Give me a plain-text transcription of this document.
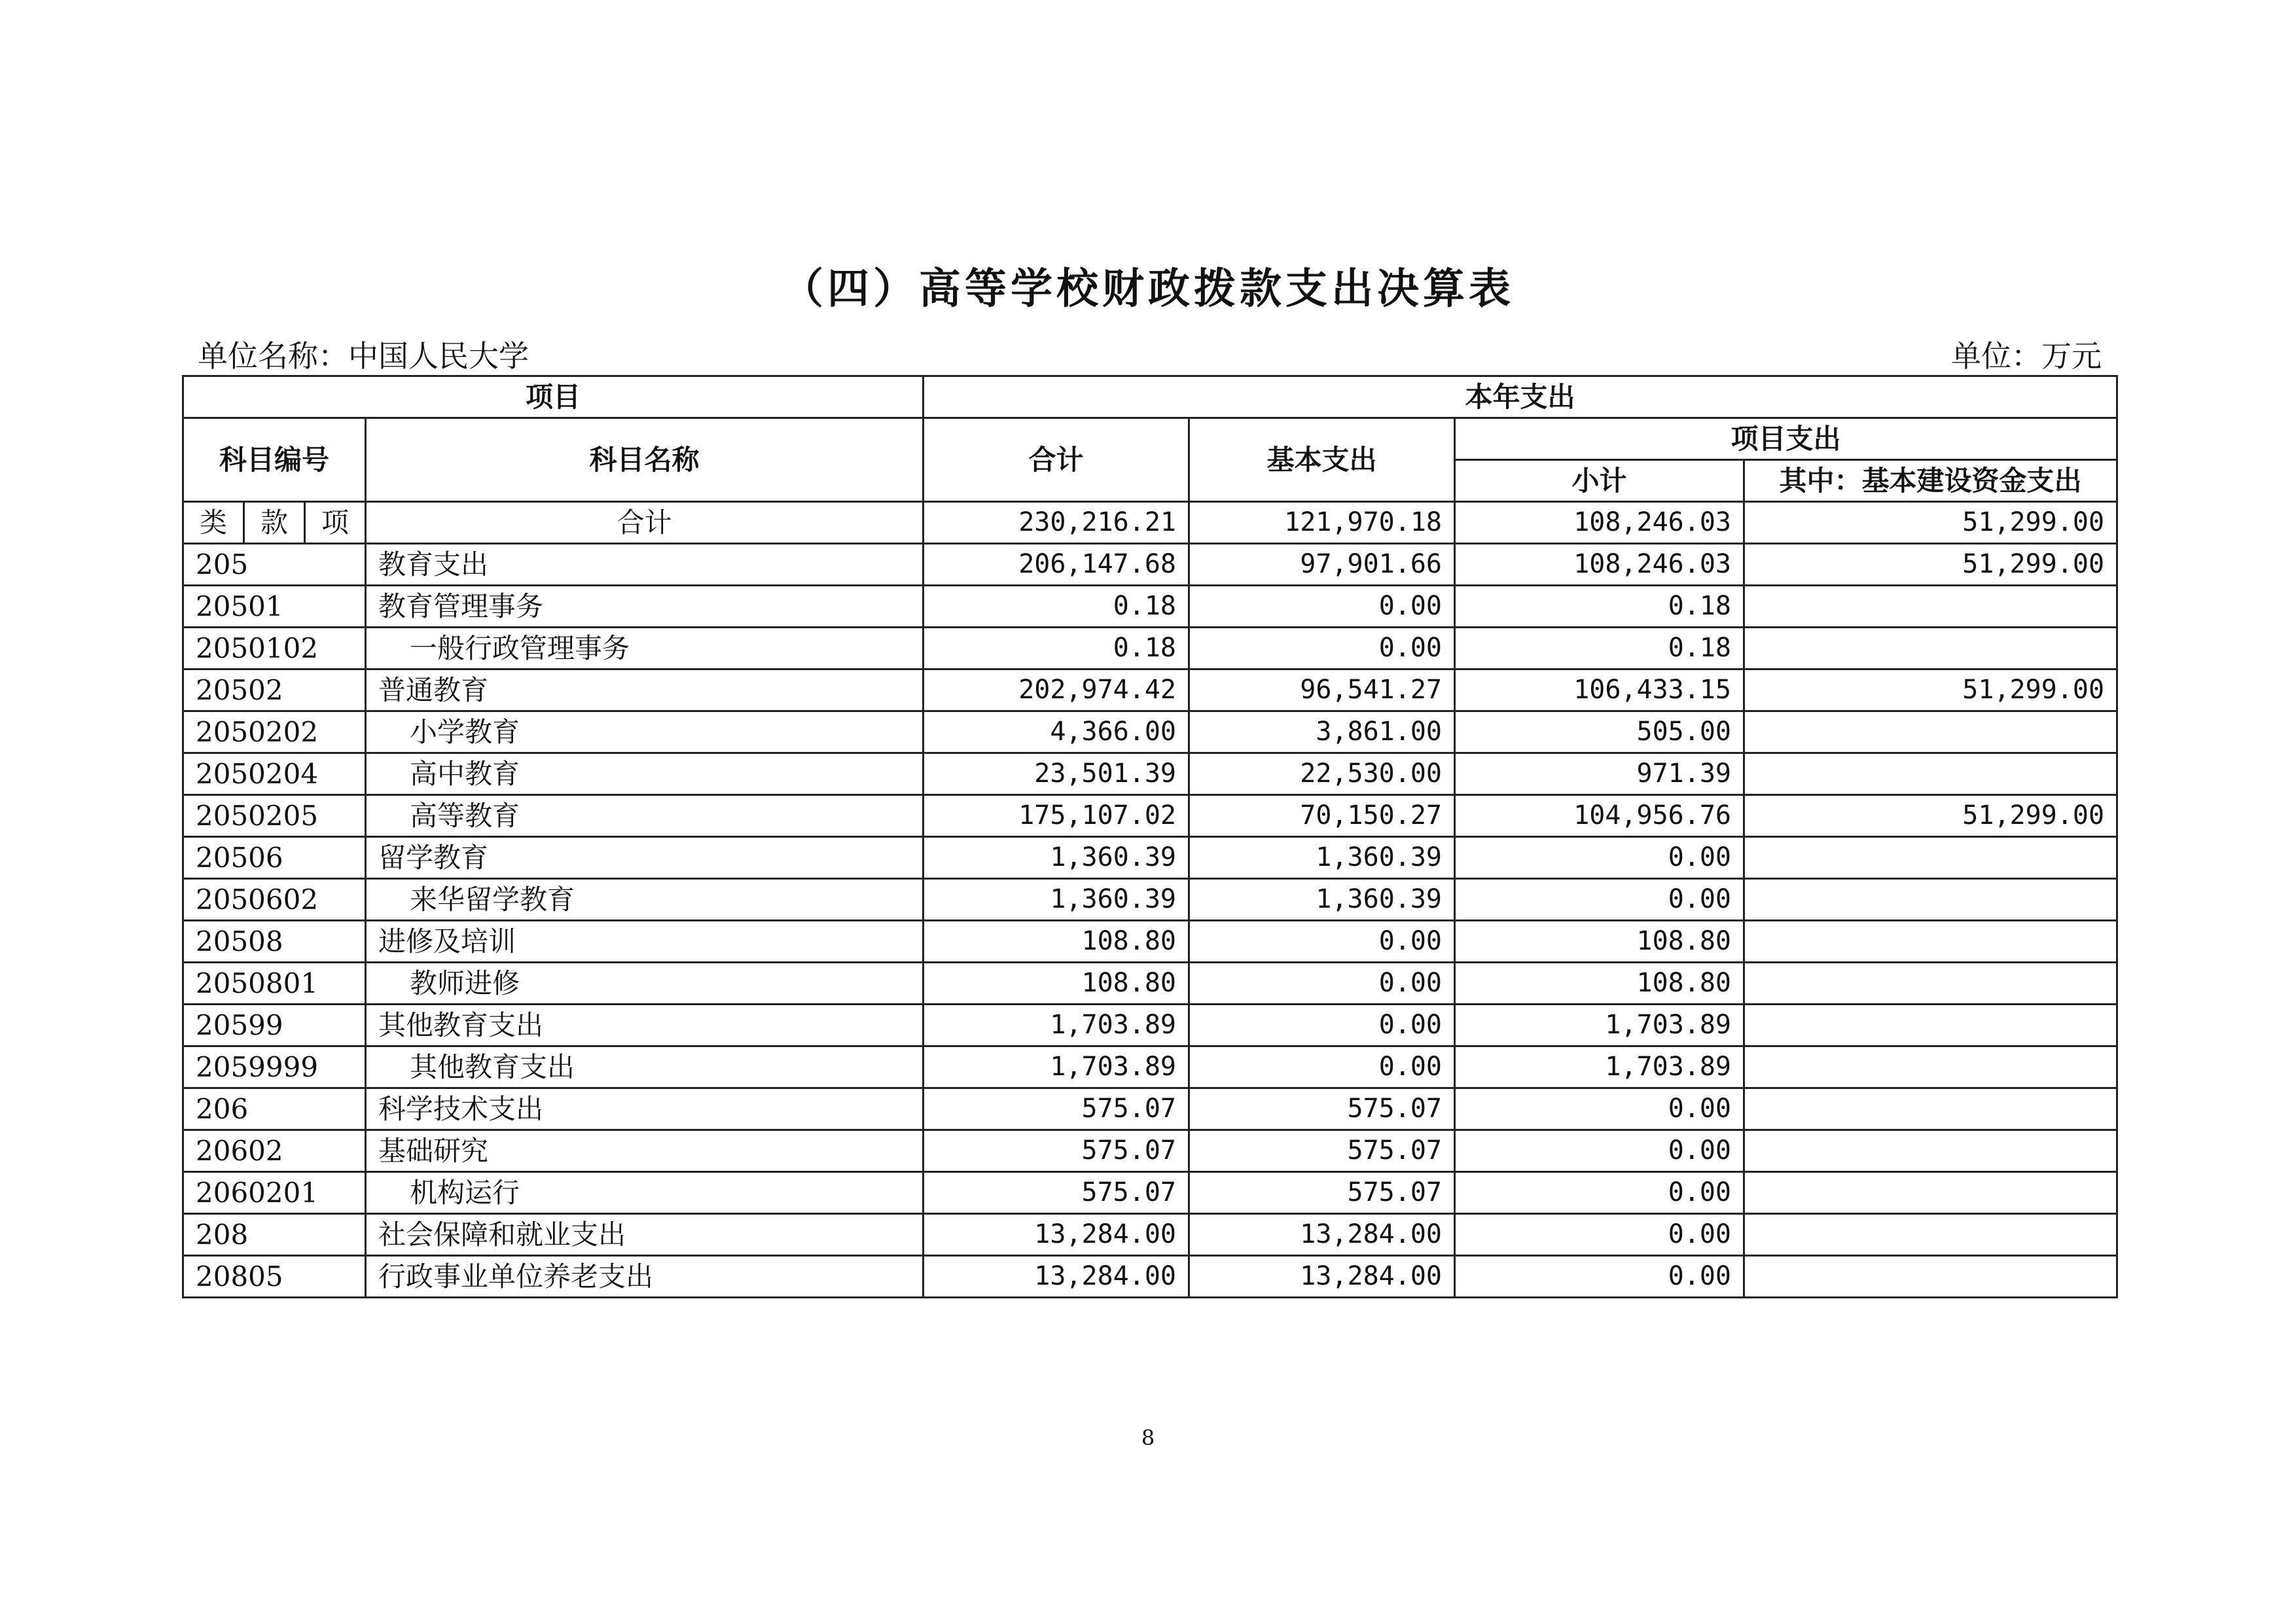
（四）高等学校财政拨款支出决算表
单位名称：中国人民大学	单位：万元
项目				本年支出			
科目编号			科目名称	合计	基本支出	项目支出	
						小计	其中：基本建设资金支出
类	款	项	合计	230,216.21	121,970.18	108,246.03	51,299.00
205			教育支出	206,147.68	97,901.66	108,246.03	51,299.00
20501			教育管理事务	0.18	0.00	0.18	
2050102			一般行政管理事务	0.18	0.00	0.18	
20502			普通教育	202,974.42	96,541.27	106,433.15	51,299.00
2050202			小学教育	4,366.00	3,861.00	505.00	
2050204			高中教育	23,501.39	22,530.00	971.39	
2050205			高等教育	175,107.02	70,150.27	104,956.76	51,299.00
20506			留学教育	1,360.39	1,360.39	0.00	
2050602			来华留学教育	1,360.39	1,360.39	0.00	
20508			进修及培训	108.80	0.00	108.80	
2050801			教师进修	108.80	0.00	108.80	
20599			其他教育支出	1,703.89	0.00	1,703.89	
2059999			其他教育支出	1,703.89	0.00	1,703.89	
206			科学技术支出	575.07	575.07	0.00	
20602			基础研究	575.07	575.07	0.00	
2060201			机构运行	575.07	575.07	0.00	
208			社会保障和就业支出	13,284.00	13,284.00	0.00	
20805			行政事业单位养老支出	13,284.00	13,284.00	0.00	
8
